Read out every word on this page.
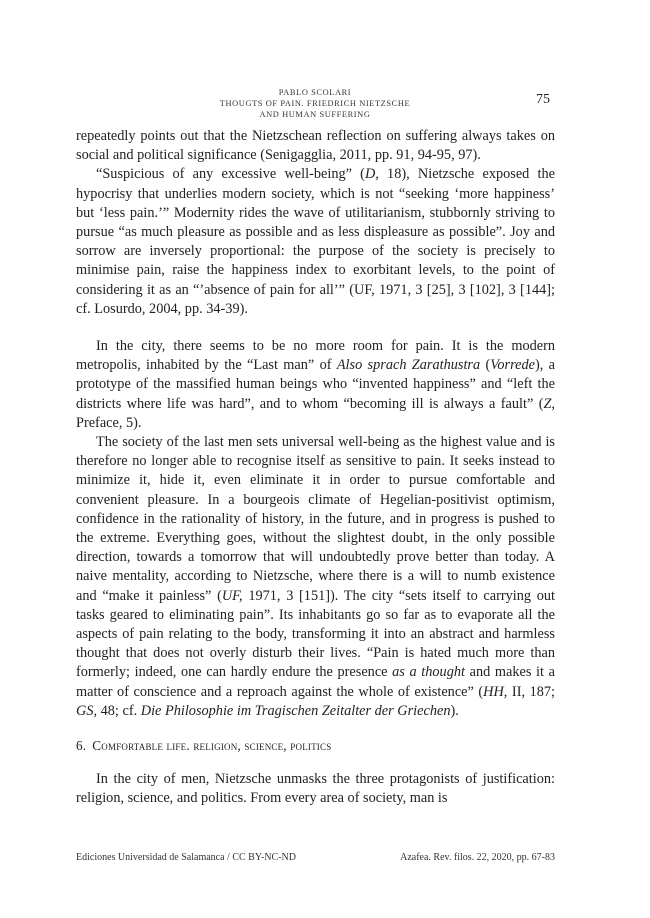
PABLO SCOLARI
THOUGTS OF PAIN. FRIEDRICH NIETZSCHE
AND HUMAN SUFFERING
75

repeatedly points out that the Nietzschean reflection on suffering always takes on social and political significance (Senigagglia, 2011, pp. 91, 94-95, 97).

“Suspicious of any excessive well-being” (D, 18), Nietzsche exposed the hypocrisy that underlies modern society, which is not “seeking ‘more happiness’ but ‘less pain.’” Modernity rides the wave of utilitarianism, stubbornly striving to pursue “as much pleasure as possible and as less displeasure as possible”. Joy and sorrow are inversely proportional: the purpose of the society is precisely to minimise pain, raise the happiness index to exorbitant levels, to the point of considering it as an “’absence of pain for all’” (UF, 1971, 3 [25], 3 [102], 3 [144]; cf. Losurdo, 2004, pp. 34-39).

In the city, there seems to be no more room for pain. It is the modern metropolis, inhabited by the “Last man” of Also sprach Zarathustra (Vorrede), a prototype of the massified human beings who “invented happiness” and “left the districts where life was hard”, and to whom “becoming ill is always a fault” (Z, Preface, 5).

The society of the last men sets universal well-being as the highest value and is therefore no longer able to recognise itself as sensitive to pain. It seeks instead to minimize it, hide it, even eliminate it in order to pursue comfortable and convenient pleasure. In a bourgeois climate of Hegelian-positivist optimism, confidence in the rationality of history, in the future, and in progress is pushed to the extreme. Everything goes, without the slightest doubt, in the only possible direction, towards a tomorrow that will undoubtedly prove better than today. A naive mentality, according to Nietzsche, where there is a will to numb existence and “make it painless” (UF, 1971, 3 [151]). The city “sets itself to carrying out tasks geared to eliminating pain”. Its inhabitants go so far as to evaporate all the aspects of pain relating to the body, transforming it into an abstract and harmless thought that does not overly disturb their lives. “Pain is hated much more than formerly; indeed, one can hardly endure the presence as a thought and makes it a matter of conscience and a reproach against the whole of existence” (HH, II, 187; GS, 48; cf. Die Philosophie im Tragischen Zeitalter der Griechen).

6. Comfortable life. religion, science, politics

In the city of men, Nietzsche unmasks the three protagonists of justification: religion, science, and politics. From every area of society, man is

Ediciones Universidad de Salamanca / CC BY-NC-ND	Azafea. Rev. filos. 22, 2020, pp. 67-83
